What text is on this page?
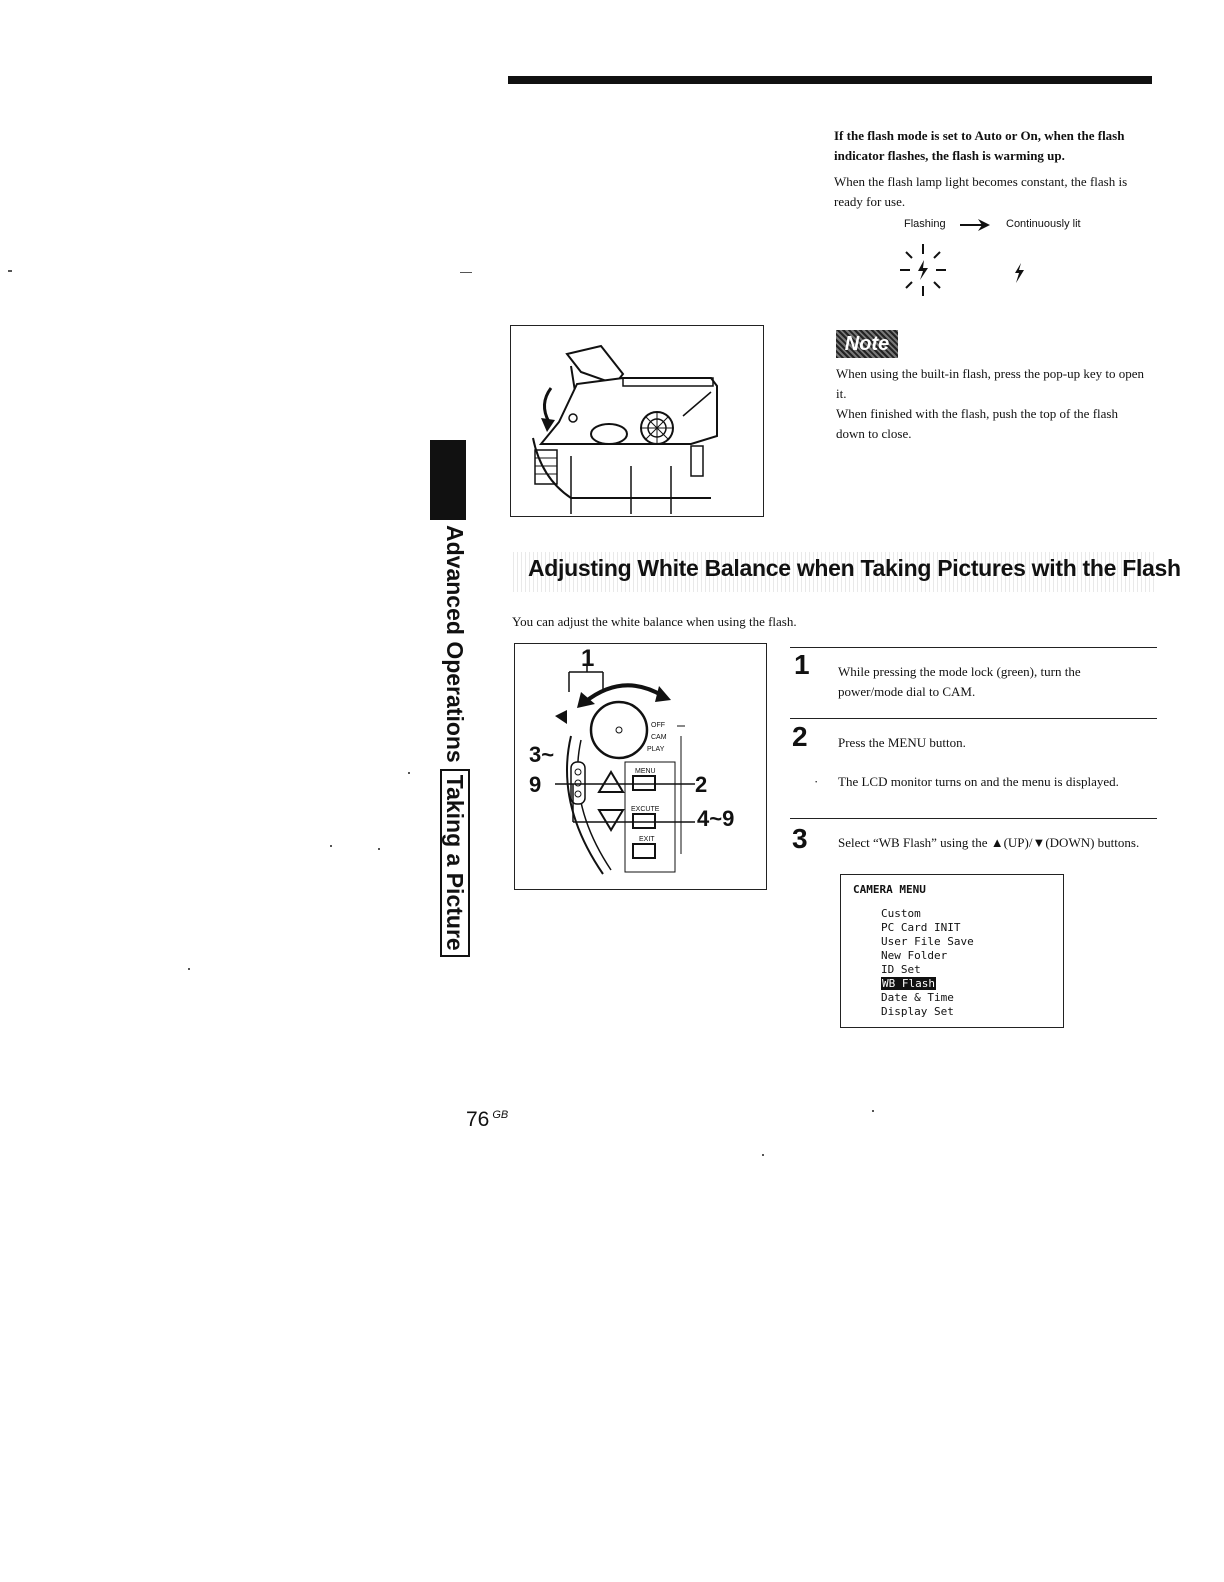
If the flash mode is set to Auto or On, when the flash indicator flashes, the flash is warming up.
When the flash lamp light becomes constant, the flash is ready for use.
Flashing	Continuously lit
Note
When using the built-in flash, press the pop-up key to open it.
When finished with the flash, push the top of the flash down to close.
Advanced OperationsTaking a Picture
Adjusting White Balance when Taking Pictures with the Flash
You can adjust the white balance when using the flash.
1
3~
9	2
4~9
OFF
CAM
PLAY
MENU
EXCUTE
EXIT
1 While pressing the mode lock (green), turn the power/mode dial to CAM.
2 Press the MENU button.
· The LCD monitor turns on and the menu is displayed.
3 Select “WB Flash” using the ▲(UP)/▼(DOWN) buttons.
CAMERA MENU
Custom
PC Card INIT
User File Save
New Folder
ID Set
WB Flash
Date & Time
Display Set
76 $^{GB}$
